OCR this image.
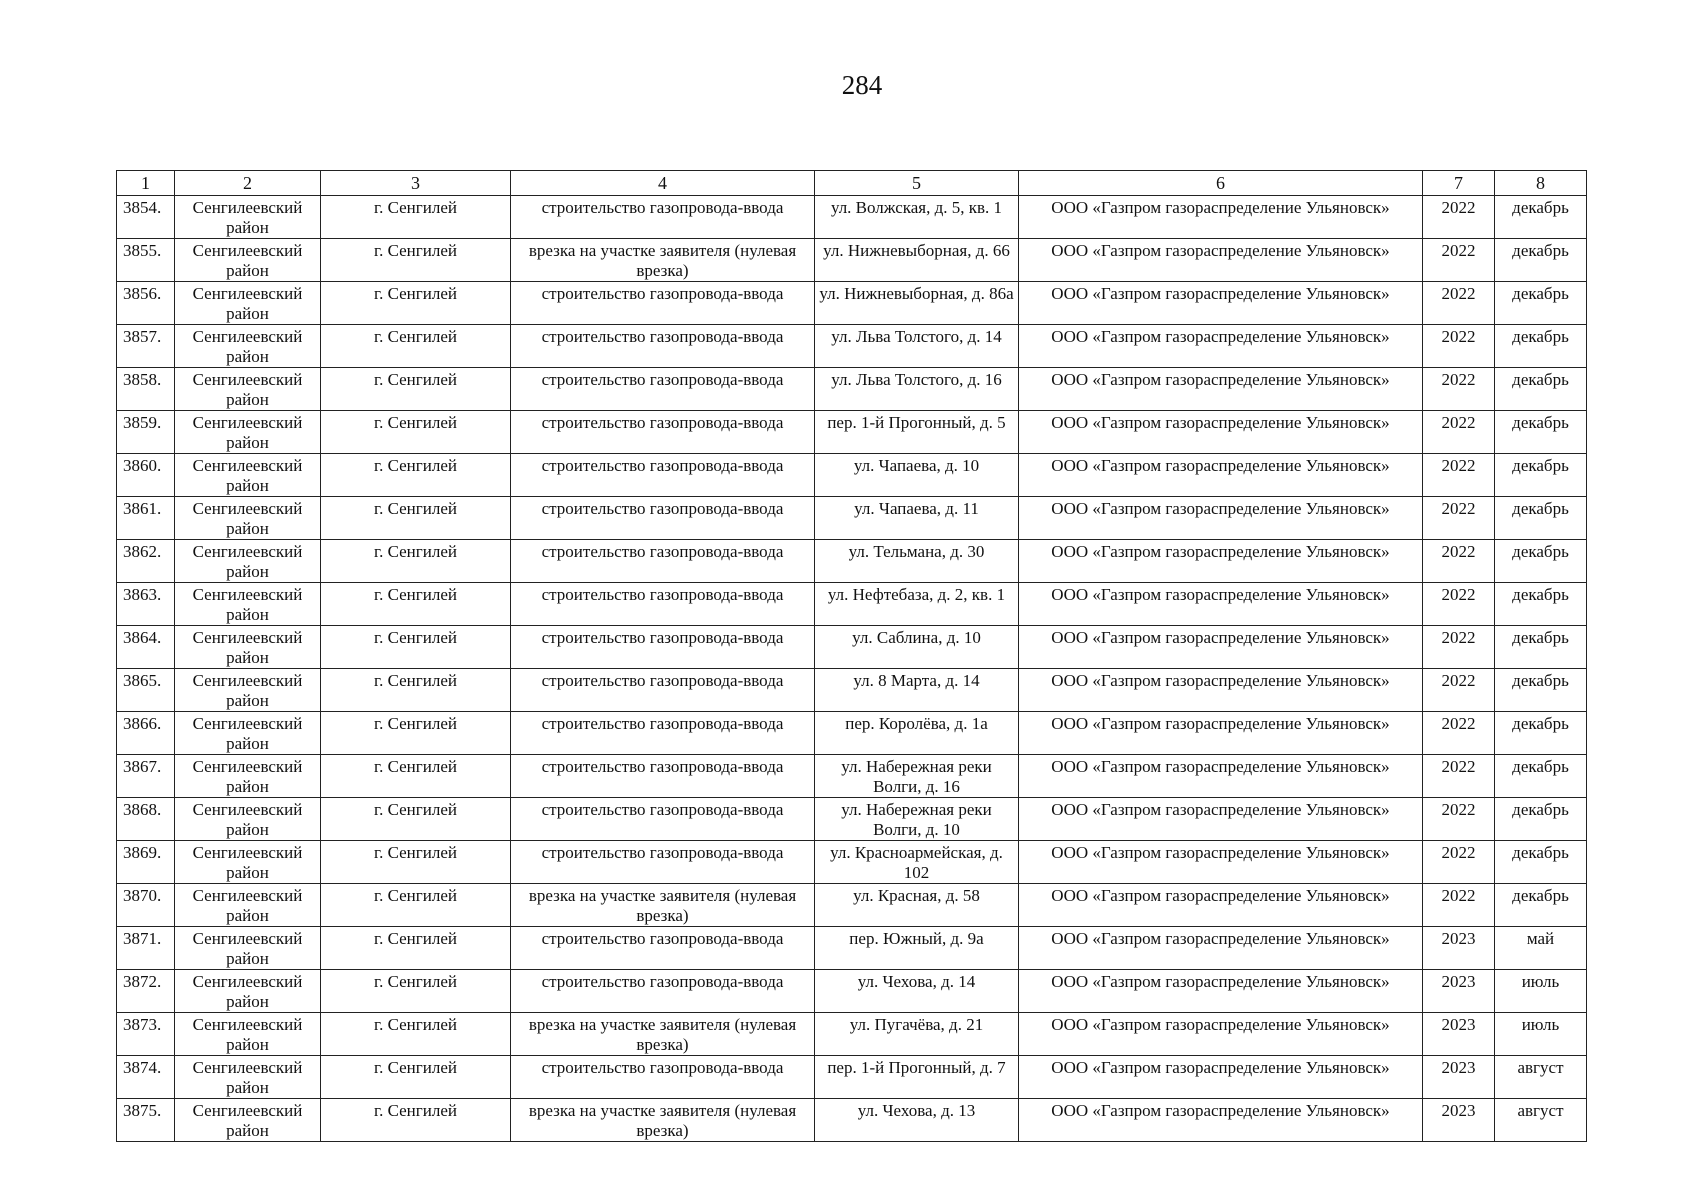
284
1	2	3	4	5	6	7	8
3854.	Сенгилеевский район	г. Сенгилей	строительство газопровода-ввода	ул. Волжская, д. 5, кв. 1	ООО «Газпром газораспределение Ульяновск»	2022	декабрь
3855.	Сенгилеевский район	г. Сенгилей	врезка на участке заявителя (нулевая врезка)	ул. Нижневыборная, д. 66	ООО «Газпром газораспределение Ульяновск»	2022	декабрь
3856.	Сенгилеевский район	г. Сенгилей	строительство газопровода-ввода	ул. Нижневыборная, д. 86а	ООО «Газпром газораспределение Ульяновск»	2022	декабрь
3857.	Сенгилеевский район	г. Сенгилей	строительство газопровода-ввода	ул. Льва Толстого, д. 14	ООО «Газпром газораспределение Ульяновск»	2022	декабрь
3858.	Сенгилеевский район	г. Сенгилей	строительство газопровода-ввода	ул. Льва Толстого, д. 16	ООО «Газпром газораспределение Ульяновск»	2022	декабрь
3859.	Сенгилеевский район	г. Сенгилей	строительство газопровода-ввода	пер. 1-й Прогонный, д. 5	ООО «Газпром газораспределение Ульяновск»	2022	декабрь
3860.	Сенгилеевский район	г. Сенгилей	строительство газопровода-ввода	ул. Чапаева, д. 10	ООО «Газпром газораспределение Ульяновск»	2022	декабрь
3861.	Сенгилеевский район	г. Сенгилей	строительство газопровода-ввода	ул. Чапаева, д. 11	ООО «Газпром газораспределение Ульяновск»	2022	декабрь
3862.	Сенгилеевский район	г. Сенгилей	строительство газопровода-ввода	ул. Тельмана, д. 30	ООО «Газпром газораспределение Ульяновск»	2022	декабрь
3863.	Сенгилеевский район	г. Сенгилей	строительство газопровода-ввода	ул. Нефтебаза, д. 2, кв. 1	ООО «Газпром газораспределение Ульяновск»	2022	декабрь
3864.	Сенгилеевский район	г. Сенгилей	строительство газопровода-ввода	ул. Саблина, д. 10	ООО «Газпром газораспределение Ульяновск»	2022	декабрь
3865.	Сенгилеевский район	г. Сенгилей	строительство газопровода-ввода	ул. 8 Марта, д. 14	ООО «Газпром газораспределение Ульяновск»	2022	декабрь
3866.	Сенгилеевский район	г. Сенгилей	строительство газопровода-ввода	пер. Королёва, д. 1а	ООО «Газпром газораспределение Ульяновск»	2022	декабрь
3867.	Сенгилеевский район	г. Сенгилей	строительство газопровода-ввода	ул. Набережная реки Волги, д. 16	ООО «Газпром газораспределение Ульяновск»	2022	декабрь
3868.	Сенгилеевский район	г. Сенгилей	строительство газопровода-ввода	ул. Набережная реки Волги, д. 10	ООО «Газпром газораспределение Ульяновск»	2022	декабрь
3869.	Сенгилеевский район	г. Сенгилей	строительство газопровода-ввода	ул. Красноармейская, д. 102	ООО «Газпром газораспределение Ульяновск»	2022	декабрь
3870.	Сенгилеевский район	г. Сенгилей	врезка на участке заявителя (нулевая врезка)	ул. Красная, д. 58	ООО «Газпром газораспределение Ульяновск»	2022	декабрь
3871.	Сенгилеевский район	г. Сенгилей	строительство газопровода-ввода	пер. Южный, д. 9а	ООО «Газпром газораспределение Ульяновск»	2023	май
3872.	Сенгилеевский район	г. Сенгилей	строительство газопровода-ввода	ул. Чехова, д. 14	ООО «Газпром газораспределение Ульяновск»	2023	июль
3873.	Сенгилеевский район	г. Сенгилей	врезка на участке заявителя (нулевая врезка)	ул. Пугачёва, д. 21	ООО «Газпром газораспределение Ульяновск»	2023	июль
3874.	Сенгилеевский район	г. Сенгилей	строительство газопровода-ввода	пер. 1-й Прогонный, д. 7	ООО «Газпром газораспределение Ульяновск»	2023	август
3875.	Сенгилеевский район	г. Сенгилей	врезка на участке заявителя (нулевая врезка)	ул. Чехова, д. 13	ООО «Газпром газораспределение Ульяновск»	2023	август
